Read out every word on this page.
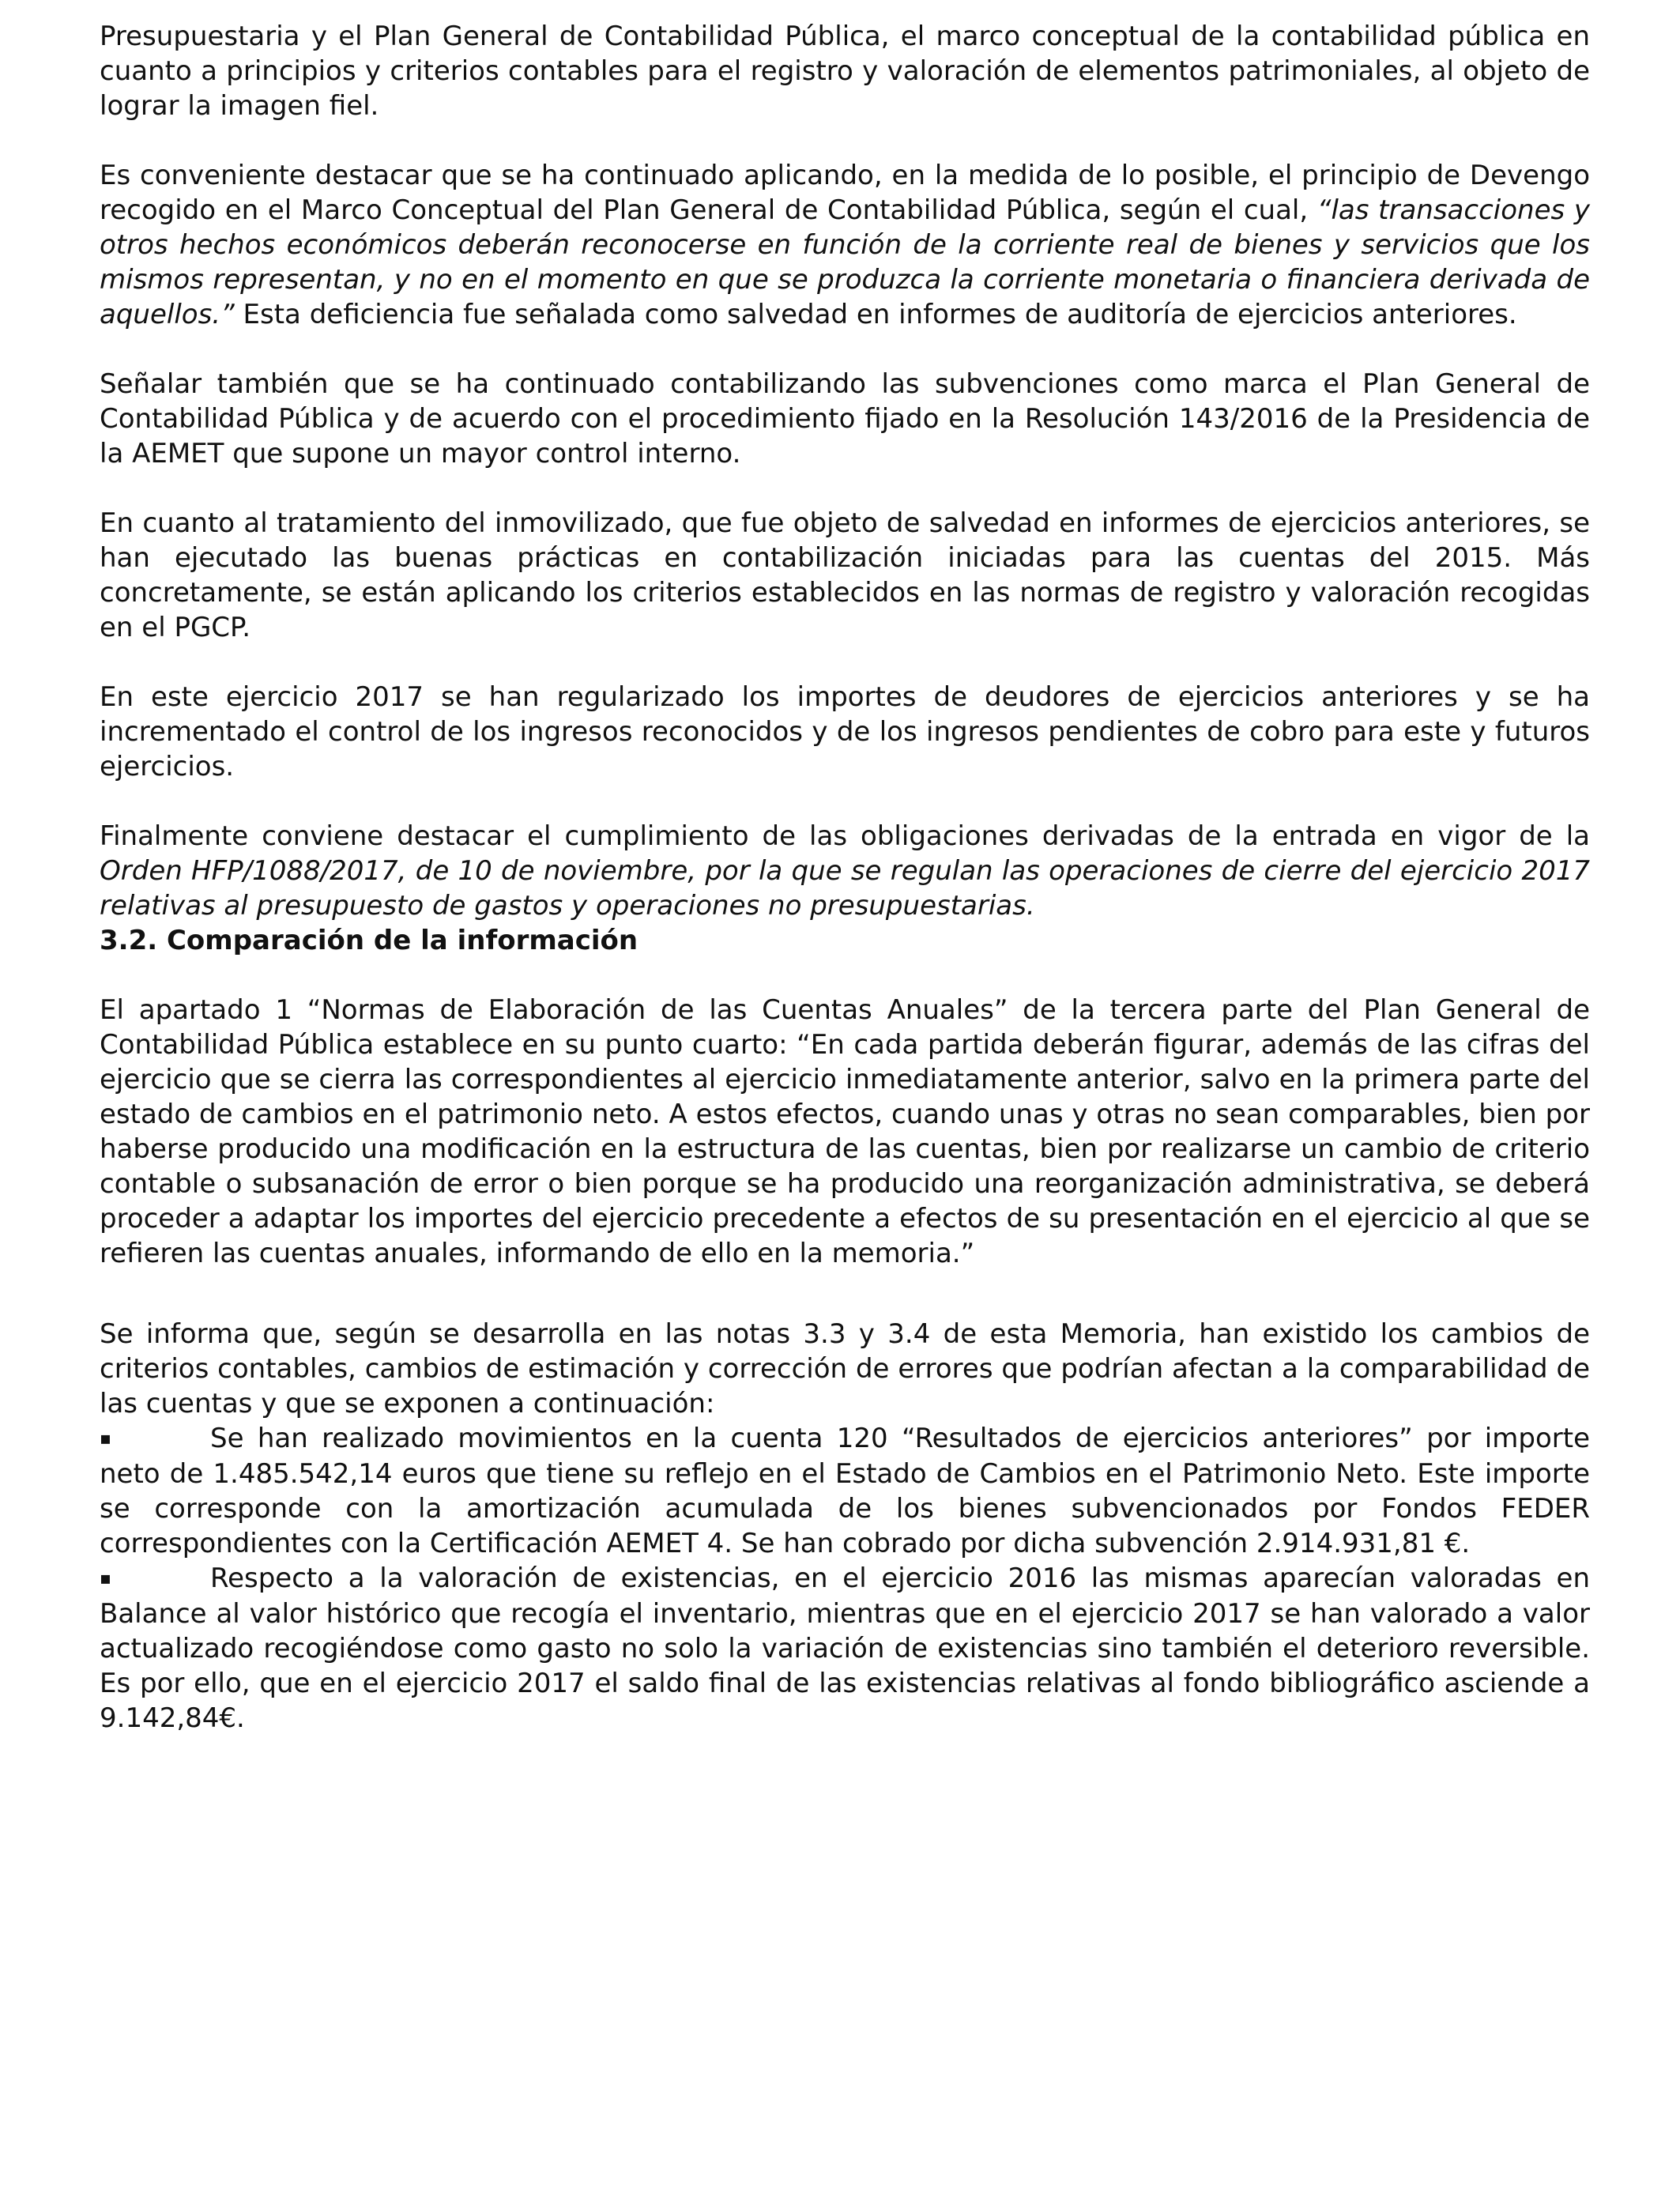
Presupuestaria y el Plan General de Contabilidad Pública, el marco conceptual de la contabilidad pública en cuanto a principios y criterios contables para el registro y valoración de elementos patrimoniales, al objeto de lograr la imagen fiel.

Es conveniente destacar que se ha continuado aplicando, en la medida de lo posible, el principio de Devengo recogido en el Marco Conceptual del Plan General de Contabilidad Pública, según el cual, “las transacciones y otros hechos económicos deberán reconocerse en función de la corriente real de bienes y servicios que los mismos representan, y no en el momento en que se produzca la corriente monetaria o financiera derivada de aquellos.” Esta deficiencia fue señalada como salvedad en informes de auditoría de ejercicios anteriores.

Señalar también que se ha continuado contabilizando las subvenciones como marca el Plan General de Contabilidad Pública y de acuerdo con el procedimiento fijado en la Resolución 143/2016 de la Presidencia de la AEMET que supone un mayor control interno.

En cuanto al tratamiento del inmovilizado, que fue objeto de salvedad en informes de ejercicios anteriores, se han ejecutado las buenas prácticas en contabilización iniciadas para las cuentas del 2015. Más concretamente, se están aplicando los criterios establecidos en las normas de registro y valoración recogidas en el PGCP.

En este ejercicio 2017 se han regularizado los importes de deudores de ejercicios anteriores y se ha incrementado el control de los ingresos reconocidos y de los ingresos pendientes de cobro para este y futuros ejercicios.

Finalmente conviene destacar el cumplimiento de las obligaciones derivadas de la entrada en vigor de la Orden HFP/1088/2017, de 10 de noviembre, por la que se regulan las operaciones de cierre del ejercicio 2017 relativas al presupuesto de gastos y operaciones no presupuestarias.

3.2. Comparación de la información

El apartado 1 “Normas de Elaboración de las Cuentas Anuales” de la tercera parte del Plan General de Contabilidad Pública establece en su punto cuarto: “En cada partida deberán figurar, además de las cifras del ejercicio que se cierra las correspondientes al ejercicio inmediatamente anterior, salvo en la primera parte del estado de cambios en el patrimonio neto. A estos efectos, cuando unas y otras no sean comparables, bien por haberse producido una modificación en la estructura de las cuentas, bien por realizarse un cambio de criterio contable o subsanación de error o bien porque se ha producido una reorganización administrativa, se deberá proceder a adaptar los importes del ejercicio precedente a efectos de su presentación en el ejercicio al que se refieren las cuentas anuales, informando de ello en la memoria.”

Se informa que, según se desarrolla en las notas 3.3 y 3.4 de esta Memoria, han existido los cambios de criterios contables, cambios de estimación y corrección de errores que podrían afectan a la comparabilidad de las cuentas y que se exponen a continuación:

▪	Se han realizado movimientos en la cuenta 120 “Resultados de ejercicios anteriores” por importe neto de 1.485.542,14 euros que tiene su reflejo en el Estado de Cambios en el Patrimonio Neto. Este importe se corresponde con la amortización acumulada de los bienes subvencionados por Fondos FEDER correspondientes con la Certificación AEMET 4. Se han cobrado por dicha subvención 2.914.931,81 €.

▪	Respecto a la valoración de existencias, en el ejercicio 2016 las mismas aparecían valoradas en Balance al valor histórico que recogía el inventario, mientras que en el ejercicio 2017 se han valorado a valor actualizado recogiéndose como gasto no solo la variación de existencias sino también el deterioro reversible. Es por ello, que en el ejercicio 2017 el saldo final de las existencias relativas al fondo bibliográfico asciende a 9.142,84€.
